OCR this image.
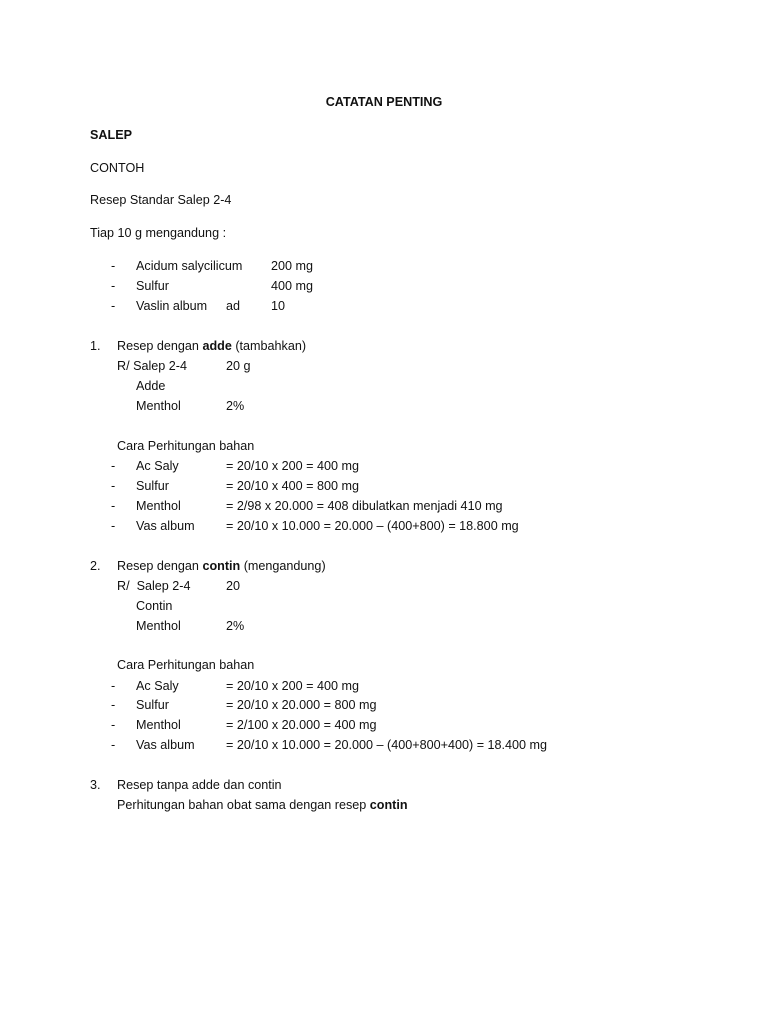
CATATAN PENTING
SALEP
CONTOH
Resep Standar Salep 2-4
Tiap 10 g mengandung :
- Acidum salycilicum 200 mg
- Sulfur	400 mg
- Vaslin album ad 10
1. Resep dengan adde (tambahkan)
R/ Salep 2-4	20 g
Adde
Menthol	2%
Cara Perhitungan bahan
- Ac Saly	= 20/10 x 200 = 400 mg
- Sulfur	= 20/10 x 400 = 800 mg
- Menthol	= 2/98 x 20.000 = 408 dibulatkan menjadi 410 mg
- Vas album = 20/10 x 10.000 = 20.000 – (400+800) = 18.800 mg
2. Resep dengan contin (mengandung)
R/  Salep 2-4	20
Contin
Menthol	2%
Cara Perhitungan bahan
- Ac Saly	= 20/10 x 200 = 400 mg
- Sulfur	= 20/10 x 20.000 = 800 mg
- Menthol	= 2/100 x 20.000 = 400 mg
- Vas album = 20/10 x 10.000 = 20.000 – (400+800+400) = 18.400 mg
3. Resep tanpa adde dan contin
Perhitungan bahan obat sama dengan resep contin
